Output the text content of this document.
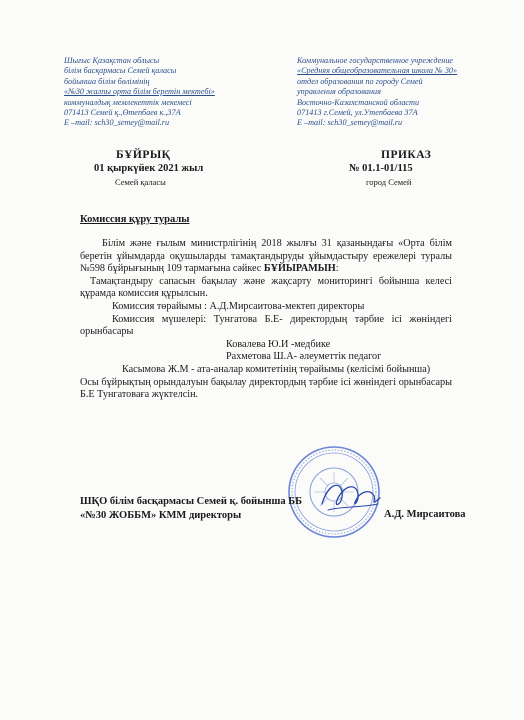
Шығыс Қазақстан облысы
білім басқармасы Семей қаласы
бойынша білім бөлімінің
«№30 жалпы орта білім беретін мектебі»
коммуналдық мемлекеттік мекемесі
071413 Семей қ.,Өтепбаев к.,37А
Е –mail: sch30_semey@mail.ru
Коммунальное государственное учреждение
«Средняя общеобразовательная школа № 30»
отдел образования по городу Семей
управления образования
Восточно-Казахстанской области
071413 г.Семей, ул.Утепбаева 37А
E –mail: sch30_semey@mail.ru
БҰЙРЫҚ
01 қыркүйек 2021 жыл
Семей қаласы
ПРИКАЗ
№ 01.1-01/115
город Семей
Комиссия құру туралы

Білім және ғылым министрлігінің 2018 жылғы 31 қазанындағы «Орта білім беретін ұйымдарда оқушыларды тамақтандыруды ұйымдастыру ережелері туралы №598 бұйрығының 109 тармағына сәйкес БҰЙЫРАМЫН:

Тамақтандыру сапасын бақылау және жақсарту мониторингі бойынша келесі құрамда комиссия құрылсын.

Комиссия төрайымы : А.Д.Мирсаитова-мектеп директоры

Комиссия мүшелері: Тунгатова Б.Е- директордың тәрбие ісі жөніндегі орынбасары

Ковалева Ю.И -медбике

Рахметова Ш.А- әлеуметтік педагог

Касымова Ж.М - ата-аналар комитетінің төрайымы (келісімі бойынша)

Осы бұйрықтың орындалуын бақылау директордың тәрбие ісі жөніндегі орынбасары Б.Е Тунгатоваға жүктелсін.

ШҚО білім басқармасы Семей қ. бойынша ББ
«№30 ЖОББМ» КММ директоры	А.Д. Мирсаитова
